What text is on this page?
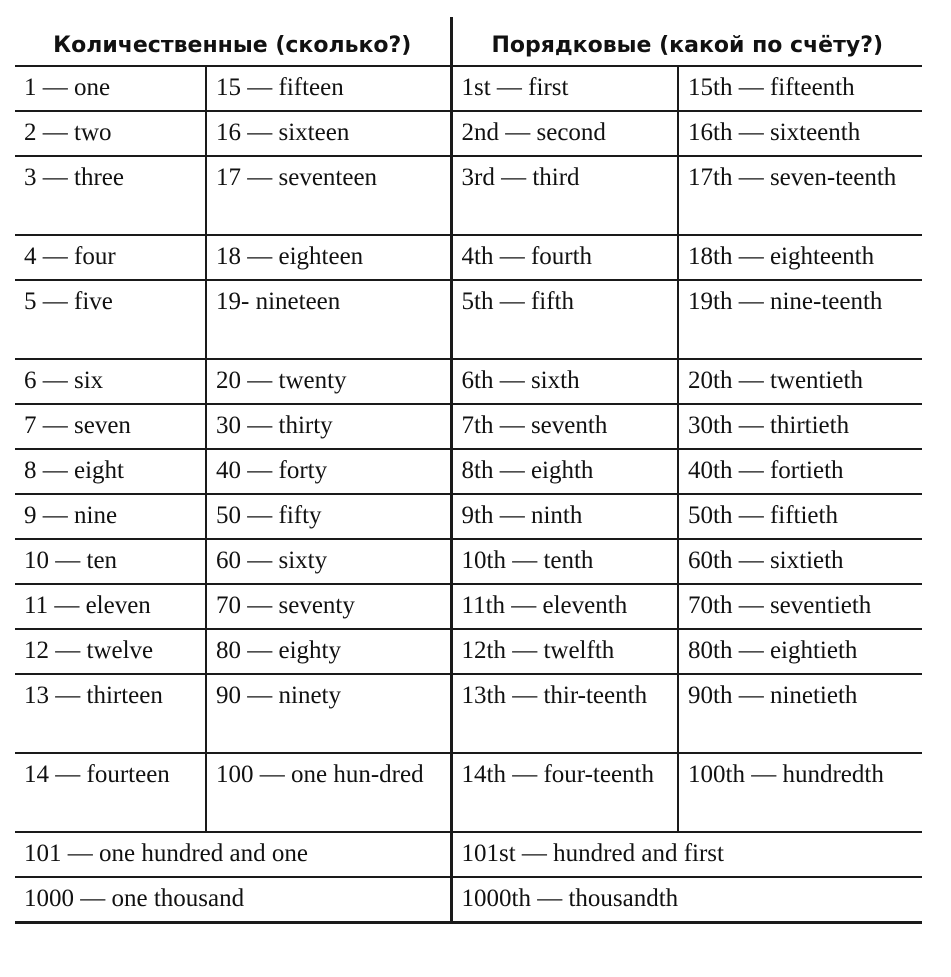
Количественные (сколько?)		Порядковые (какой по счёту?)	
1 — one	15 — fifteen	1st — first	15th — fifteenth
2 — two	16 — sixteen	2nd — second	16th — sixteenth
3 — three	17 — seventeen	3rd — third	17th — seven-teenth
4 — four	18 — eighteen	4th — fourth	18th — eighteenth
5 — five	19- nineteen	5th — fifth	19th — nine-teenth
6 — six	20 — twenty	6th — sixth	20th — twentieth
7 — seven	30 — thirty	7th — seventh	30th — thirtieth
8 — eight	40 — forty	8th — eighth	40th — fortieth
9 — nine	50 — fifty	9th — ninth	50th — fiftieth
10 — ten	60 — sixty	10th — tenth	60th — sixtieth
11 — eleven	70 — seventy	11th — eleventh	70th — seventieth
12 — twelve	80 — eighty	12th — twelfth	80th — eightieth
13 — thirteen	90 — ninety	13th — thir-teenth	90th — ninetieth
14 — fourteen	100 — one hun-dred	14th — four-teenth	100th — hundredth
101 — one hundred and one		101st — hundred and first	
1000 — one thousand		1000th — thousandth	
